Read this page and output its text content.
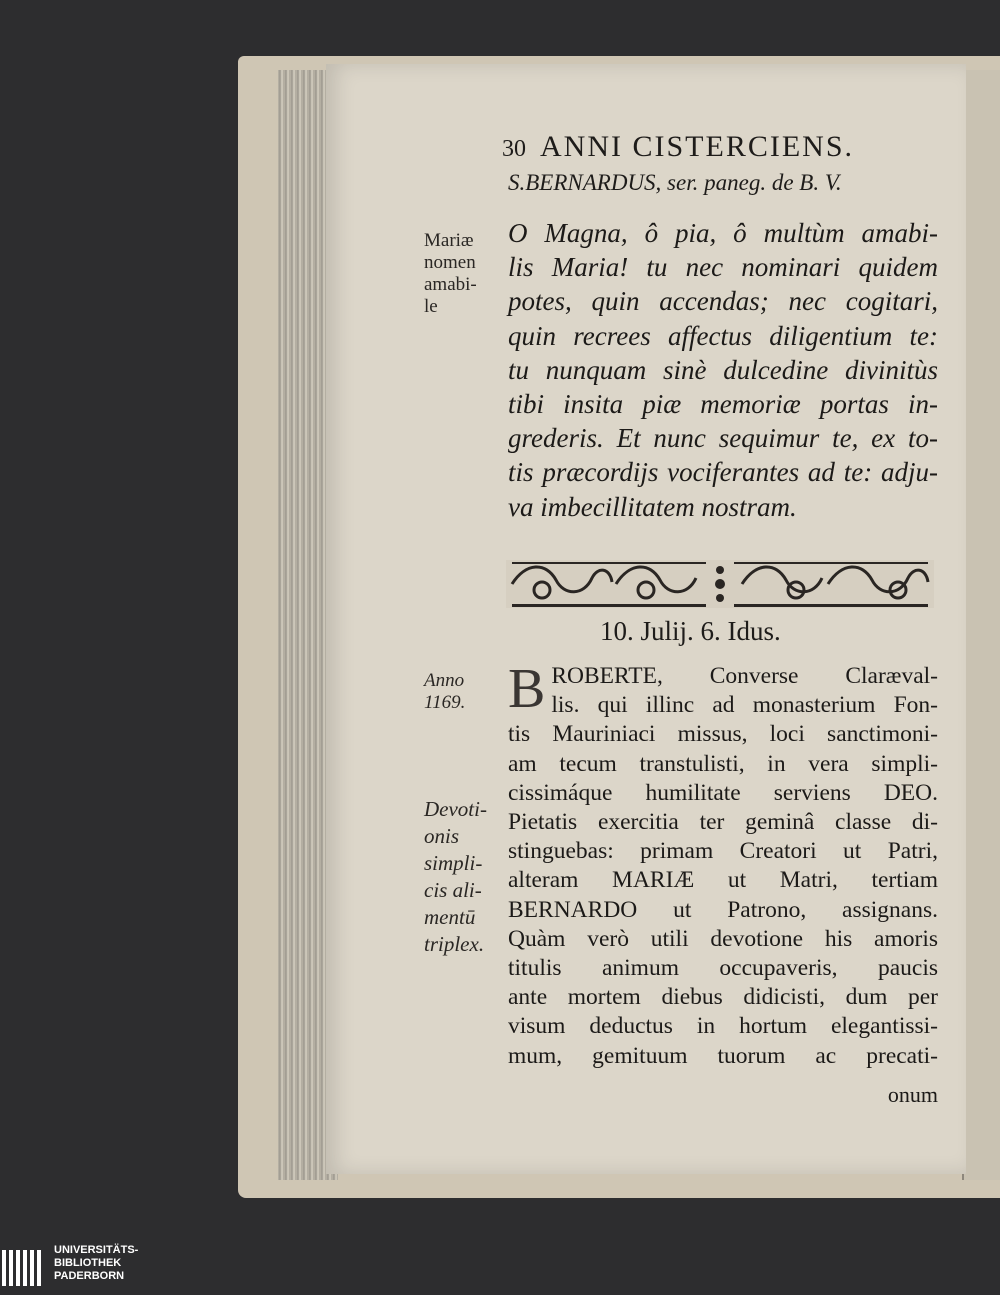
30 ANNI CISTERCIENS.
S.BERNARDUS, ser. paneg. de B. V.
Mariæ
nomen
amabi-
le
O Magna, ô pia, ô multùm amabi-
lis Maria! tu nec nominari quidem
potes, quin accendas; nec cogitari,
quin recrees affectus diligentium te:
tu nunquam sinè dulcedine divinitùs
tibi insita piæ memoriæ portas in-
grederis. Et nunc sequimur te, ex to-
tis præcordijs vociferantes ad te: adju-
va imbecillitatem nostram.
10. Julij. 6. Idus.
Anno
1169.
Devoti-
onis
simpli-
cis ali-
mentū
triplex.
B ROBERTE, Converse Claræval-
lis. qui illinc ad monasterium Fon-
tis Mauriniaci missus, loci sanctimoni-
am tecum transtulisti, in vera simpli-
cissimáque humilitate serviens DEO.
Pietatis exercitia ter geminâ classe di-
stinguebas: primam Creatori ut Patri,
alteram MARIÆ ut Matri, tertiam
BERNARDO ut Patrono, assignans.
Quàm verò utili devotione his amoris
titulis animum occupaveris, paucis
ante mortem diebus didicisti, dum per
visum deductus in hortum elegantissi-
mum, gemituum tuorum ac precati-
onum
UNIVERSITÄTS-
BIBLIOTHEK
PADERBORN
